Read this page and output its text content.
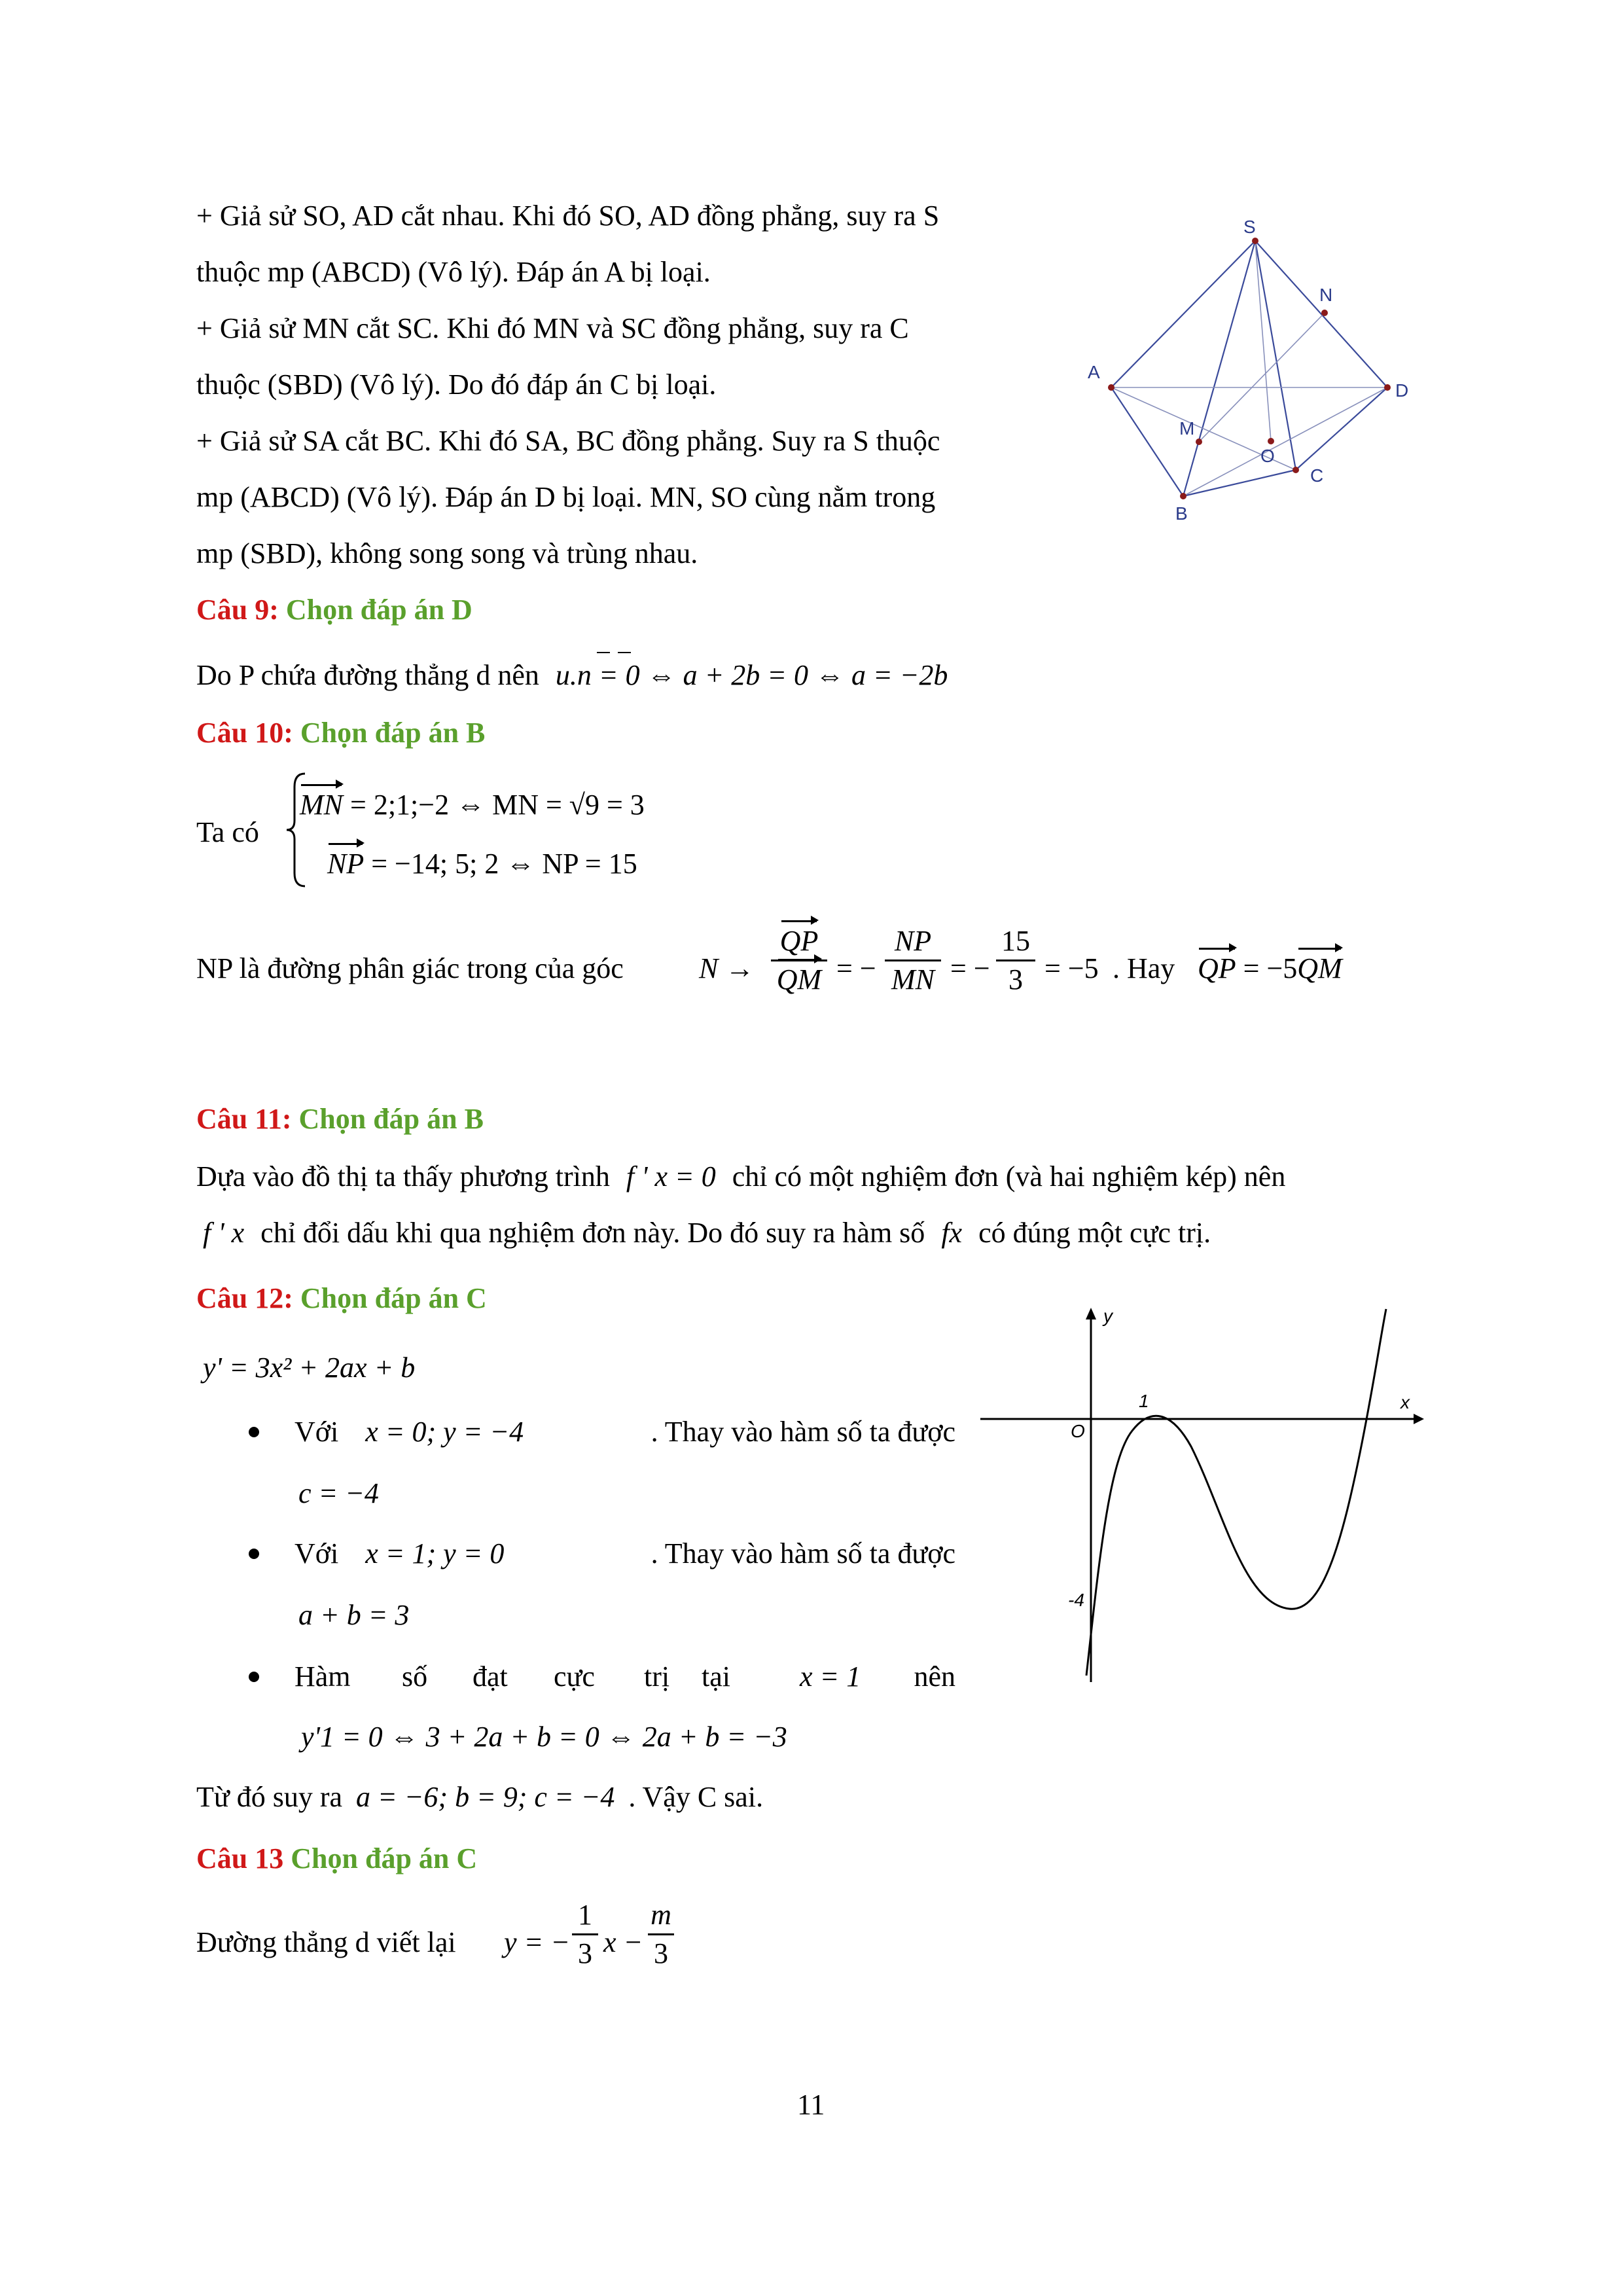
+ Giả sử SO, AD cắt nhau. Khi đó SO, AD đồng phẳng, suy ra S
thuộc mp (ABCD) (Vô lý). Đáp án A bị loại.
+ Giả sử MN cắt SC. Khi đó MN và SC đồng phẳng, suy ra C
thuộc (SBD) (Vô lý). Do đó đáp án C bị loại.
+ Giả sử SA cắt BC. Khi đó SA, BC đồng phẳng. Suy ra S thuộc
mp (ABCD) (Vô lý). Đáp án D bị loại. MN, SO cùng nằm trong
mp (SBD), không song song và trùng nhau.
S
N
A
D
M
O
C
B
Câu 9: Chọn đáp án D
Do P chứa đường thẳng d nên u.n = 0 ⇔ a + 2b = 0 ⇔ a = −2b
Câu 10: Chọn đáp án B
Ta có
MN = 2;1;−2 ⇔ MN = √9 = 3
NP = −14; 5; 2 ⇔ NP = 15
NP là đường phân giác trong của góc	N →
QP
QM = −
NP
MN = −
15
3 = −5 . Hay QP = −5QM
Câu 11: Chọn đáp án B
Dựa vào đồ thị ta thấy phương trình f ' x = 0 chỉ có một nghiệm đơn (và hai nghiệm kép) nên
f ' x chỉ đổi dấu khi qua nghiệm đơn này. Do đó suy ra hàm số fx có đúng một cực trị.
Câu 12: Chọn đáp án C
y' = 3x² + 2ax + b
Với x = 0; y = −4	. Thay vào hàm số ta được
c = −4
Với x = 1; y = 0	. Thay vào hàm số ta được
a + b = 3
Hàm số đạt cực trị tại x = 1 nên
y'1 = 0 ⇔ 3 + 2a + b = 0 ⇔ 2a + b = −3
Từ đó suy ra a = −6; b = 9; c = −4 . Vậy C sai.
y
x
O
1
-4
Câu 13 Chọn đáp án C
Đường thẳng d viết lại y = −
1
3 x −
m
3
11
